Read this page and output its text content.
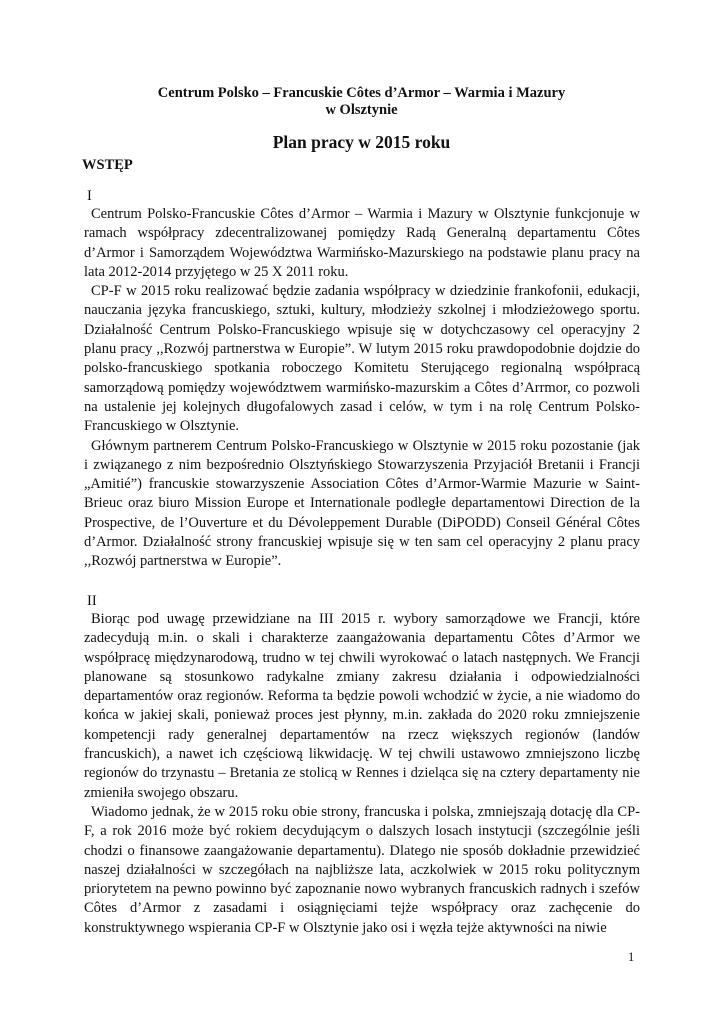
Centrum Polsko – Francuskie Côtes d’Armor – Warmia i Mazury
w Olsztynie
Plan pracy w 2015 roku
WSTĘP
I

Centrum Polsko-Francuskie Côtes d’Armor – Warmia i Mazury w Olsztynie funkcjonuje w ramach współpracy zdecentralizowanej pomiędzy Radą Generalną departamentu Côtes d’Armor i Samorządem Województwa Warmińsko-Mazurskiego na podstawie planu pracy na lata 2012-2014 przyjętego w 25 X 2011 roku.

CP-F w 2015 roku realizować będzie zadania współpracy w dziedzinie frankofonii, edukacji, nauczania języka francuskiego, sztuki, kultury, młodzieży szkolnej i młodzieżowego sportu. Działalność Centrum Polsko-Francuskiego wpisuje się w dotychczasowy cel operacyjny 2 planu pracy ,,Rozwój partnerstwa w Europie”. W lutym 2015 roku prawdopodobnie dojdzie do polsko-francuskiego spotkania roboczego Komitetu Sterującego regionalną współpracą samorządową pomiędzy województwem warmińsko-mazurskim a Côtes d’Arrmor, co pozwoli na ustalenie jej kolejnych długofalowych zasad i celów, w tym i na rolę Centrum Polsko-Francuskiego w Olsztynie.

Głównym partnerem Centrum Polsko-Francuskiego w Olsztynie w 2015 roku pozostanie (jak i związanego z nim bezpośrednio Olsztyńskiego Stowarzyszenia Przyjaciół Bretanii i Francji „Amitié”) francuskie stowarzyszenie Association Côtes d’Armor-Warmie Mazurie w Saint-Brieuc oraz biuro Mission Europe et Internationale podległe departamentowi Direction de la Prospective, de l’Ouverture et du Dévoleppement Durable (DiPODD) Conseil Général Côtes d’Armor. Działalność strony francuskiej wpisuje się w ten sam cel operacyjny 2 planu pracy ,,Rozwój partnerstwa w Europie”.

II

Biorąc pod uwagę przewidziane na III 2015 r. wybory samorządowe we Francji, które zadecydują m.in. o skali i charakterze zaangażowania departamentu Côtes d’Armor we współpracę międzynarodową, trudno w tej chwili wyrokować o latach następnych. We Francji planowane są stosunkowo radykalne zmiany zakresu działania i odpowiedzialności departamentów oraz regionów. Reforma ta będzie powoli wchodzić w życie, a nie wiadomo do końca w jakiej skali, ponieważ proces jest płynny, m.in. zakłada do 2020 roku zmniejszenie kompetencji rady generalnej departamentów na rzecz większych regionów (landów francuskich), a nawet ich częściową likwidację. W tej chwili ustawowo zmniejszono liczbę regionów do trzynastu – Bretania ze stolicą w Rennes i dzieląca się na cztery departamenty nie zmieniła swojego obszaru.

Wiadomo jednak, że w 2015 roku obie strony, francuska i polska, zmniejszają dotację dla CP-F, a rok 2016 może być rokiem decydującym o dalszych losach instytucji (szczególnie jeśli chodzi o finansowe zaangażowanie departamentu). Dlatego nie sposób dokładnie przewidzieć naszej działalności w szczegółach na najbliższe lata, aczkolwiek w 2015 roku politycznym priorytetem na pewno powinno być zapoznanie nowo wybranych francuskich radnych i szefów Côtes d’Armor z zasadami i osiągnięciami tejże współpracy oraz zachęcenie do konstruktywnego wspierania CP-F w Olsztynie jako osi i węzła tejże aktywności na niwie

1
